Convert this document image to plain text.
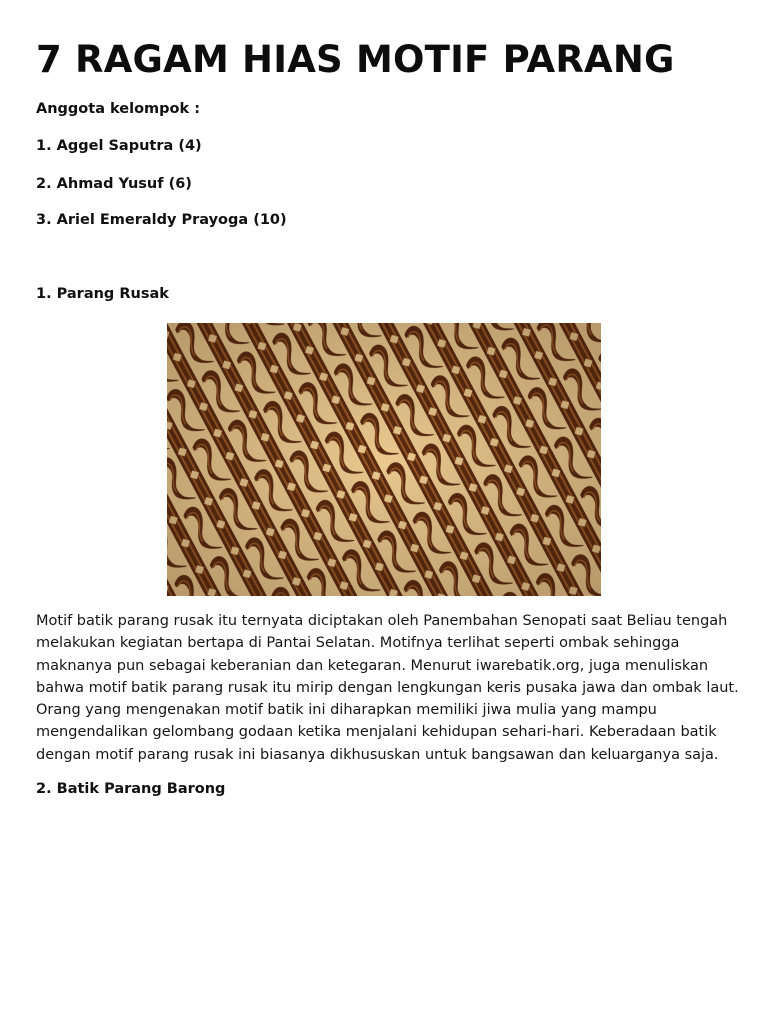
7 RAGAM HIAS MOTIF PARANG

Anggota kelompok :

1. Aggel Saputra (4)

2. Ahmad Yusuf (6)

3. Ariel Emeraldy Prayoga (10)

1. Parang Rusak

Motif batik parang rusak itu ternyata diciptakan oleh Panembahan Senopati saat Beliau tengah
melakukan kegiatan bertapa di Pantai Selatan. Motifnya terlihat seperti ombak sehingga
maknanya pun sebagai keberanian dan ketegaran. Menurut iwarebatik.org, juga menuliskan
bahwa motif batik parang rusak itu mirip dengan lengkungan keris pusaka jawa dan ombak laut.
Orang yang mengenakan motif batik ini diharapkan memiliki jiwa mulia yang mampu
mengendalikan gelombang godaan ketika menjalani kehidupan sehari-hari. Keberadaan batik
dengan motif parang rusak ini biasanya dikhususkan untuk bangsawan dan keluarganya saja.

2. Batik Parang Barong
